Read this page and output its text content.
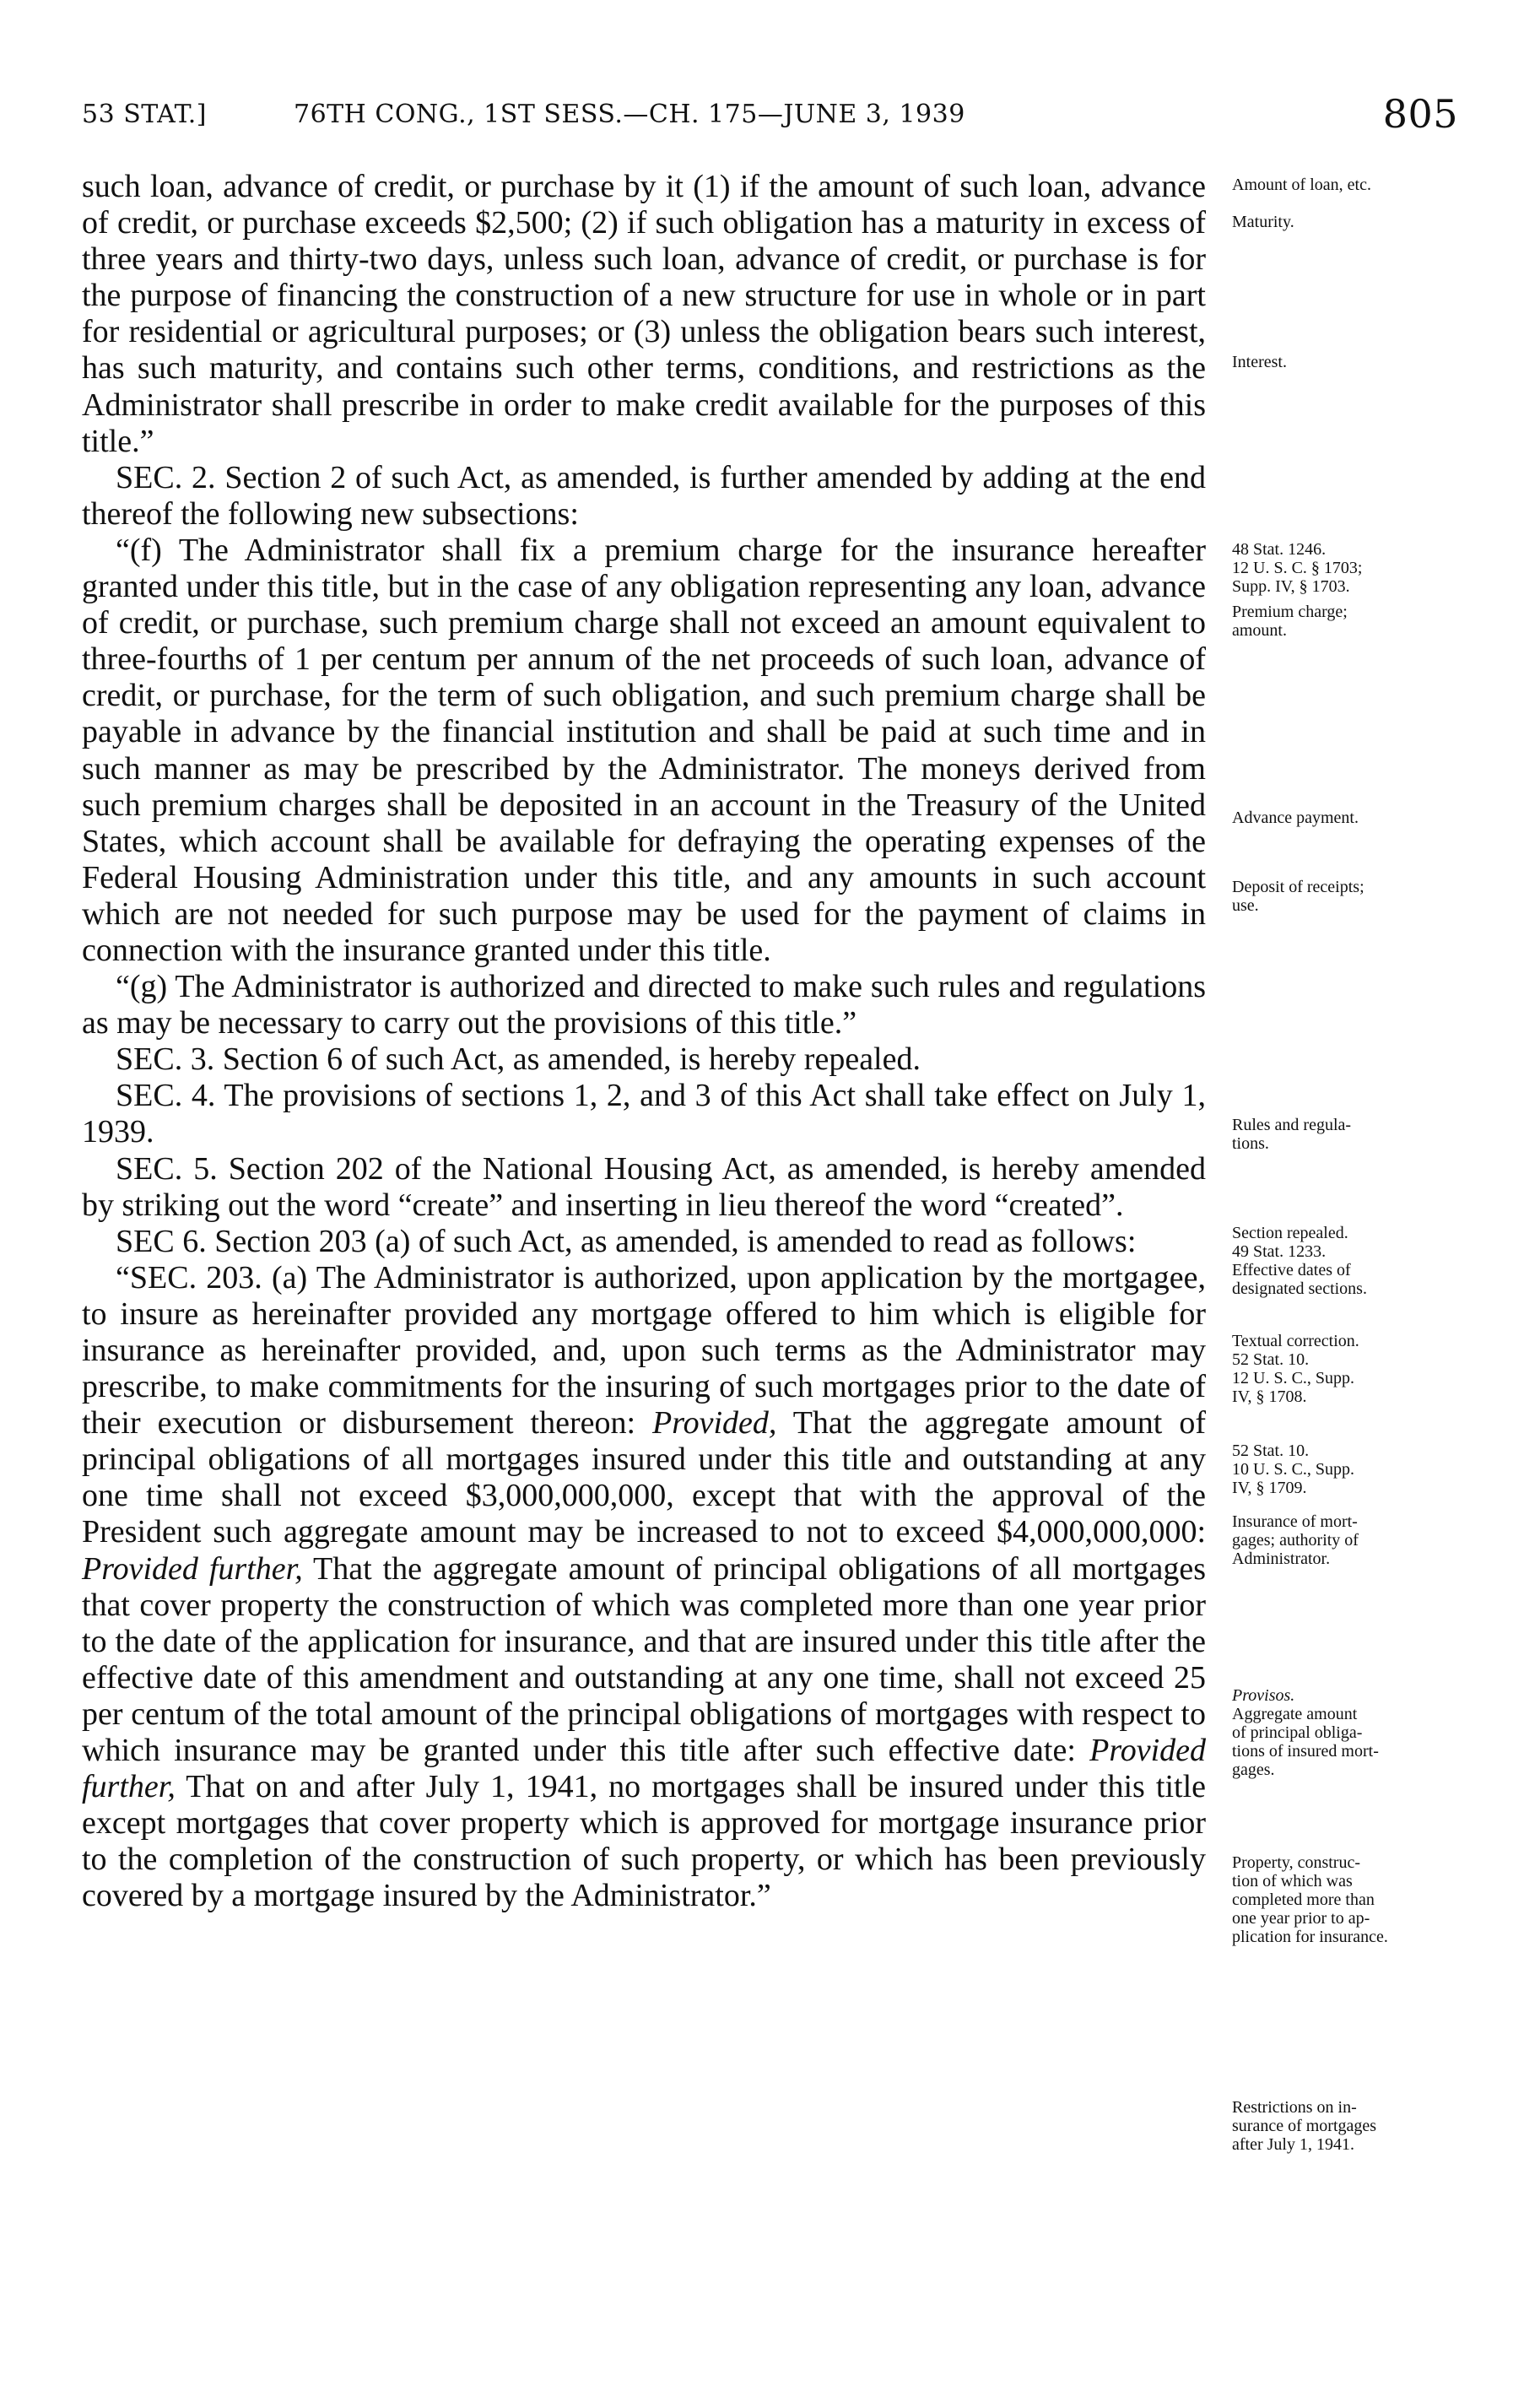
53 STAT.]	76TH CONG., 1ST SESS.—CH. 175—JUNE 3, 1939	805

such loan, advance of credit, or purchase by it (1) if the amount of such loan, advance of credit, or purchase exceeds $2,500; (2) if such obligation has a maturity in excess of three years and thirty-two days, unless such loan, advance of credit, or purchase is for the purpose of financing the construction of a new structure for use in whole or in part for residential or agricultural purposes; or (3) unless the obligation bears such interest, has such maturity, and contains such other terms, conditions, and restrictions as the Administrator shall prescribe in order to make credit available for the purposes of this title.”

SEC. 2. Section 2 of such Act, as amended, is further amended by adding at the end thereof the following new subsections:

“(f) The Administrator shall fix a premium charge for the insurance hereafter granted under this title, but in the case of any obligation representing any loan, advance of credit, or purchase, such premium charge shall not exceed an amount equivalent to three-fourths of 1 per centum per annum of the net proceeds of such loan, advance of credit, or purchase, for the term of such obligation, and such premium charge shall be payable in advance by the financial institution and shall be paid at such time and in such manner as may be prescribed by the Administrator. The moneys derived from such premium charges shall be deposited in an account in the Treasury of the United States, which account shall be available for defraying the operating expenses of the Federal Housing Administration under this title, and any amounts in such account which are not needed for such purpose may be used for the payment of claims in connection with the insurance granted under this title.

“(g) The Administrator is authorized and directed to make such rules and regulations as may be necessary to carry out the provisions of this title.”

SEC. 3. Section 6 of such Act, as amended, is hereby repealed.

SEC. 4. The provisions of sections 1, 2, and 3 of this Act shall take effect on July 1, 1939.

SEC. 5. Section 202 of the National Housing Act, as amended, is hereby amended by striking out the word “create” and inserting in lieu thereof the word “created”.

SEC 6. Section 203 (a) of such Act, as amended, is amended to read as follows:

“SEC. 203. (a) The Administrator is authorized, upon application by the mortgagee, to insure as hereinafter provided any mortgage offered to him which is eligible for insurance as hereinafter provided, and, upon such terms as the Administrator may prescribe, to make commitments for the insuring of such mortgages prior to the date of their execution or disbursement thereon: Provided, That the aggregate amount of principal obligations of all mortgages insured under this title and outstanding at any one time shall not exceed $3,000,000,000, except that with the approval of the President such aggregate amount may be increased to not to exceed $4,000,000,000: Provided further, That the aggregate amount of principal obligations of all mortgages that cover property the construction of which was completed more than one year prior to the date of the application for insurance, and that are insured under this title after the effective date of this amendment and outstanding at any one time, shall not exceed 25 per centum of the total amount of the principal obligations of mortgages with respect to which insurance may be granted under this title after such effective date: Provided further, That on and after July 1, 1941, no mortgages shall be insured under this title except mortgages that cover property which is approved for mortgage insurance prior to the completion of the construction of such property, or which has been previously covered by a mortgage insured by the Administrator.”

Amount of loan, etc.
Maturity.
Interest.
48 Stat. 1246.
12 U. S. C. § 1703;
Supp. IV, § 1703.
Premium charge;
amount.
Advance payment.
Deposit of receipts;
use.
Rules and regula-
tions.
Section repealed.
49 Stat. 1233.
Effective dates of
designated sections.
Textual correction.
52 Stat. 10.
12 U. S. C., Supp.
IV, § 1708.
52 Stat. 10.
10 U. S. C., Supp.
IV, § 1709.
Insurance of mort-
gages; authority of
Administrator.
Provisos.
Aggregate amount
of principal obliga-
tions of insured mort-
gages.
Property, construc-
tion of which was
completed more than
one year prior to ap-
plication for insurance.
Restrictions on in-
surance of mortgages
after July 1, 1941.
